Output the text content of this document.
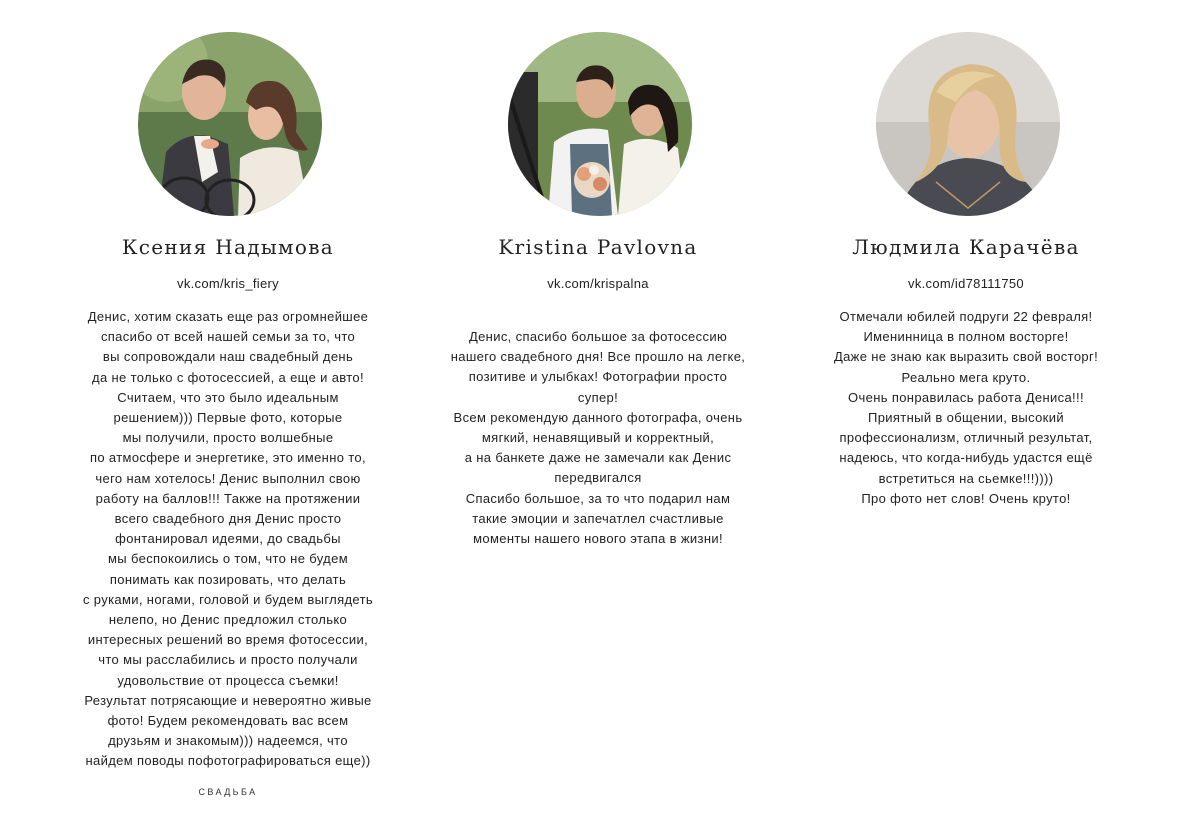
Ксения Надымова
vk.com/kris_fiery
Денис, хотим сказать еще раз огромнейшее
спасибо от всей нашей семьи за то, что
вы сопровождали наш свадебный день
да не только с фотосессией, а еще и авто!
Считаем, что это было идеальным
решением))) Первые фото, которые
мы получили, просто волшебные
по атмосфере и энергетике, это именно то,
чего нам хотелось! Денис выполнил свою
работу на баллов!!! Также на протяжении
всего свадебного дня Денис просто
фонтанировал идеями, до свадьбы
мы беспокоились о том, что не будем
понимать как позировать, что делать
с руками, ногами, головой и будем выглядеть
нелепо, но Денис предложил столько
интересных решений во время фотосессии,
что мы расслабились и просто получали
удовольствие от процесса съемки!
Результат потрясающие и невероятно живые
фото! Будем рекомендовать вас всем
друзьям и знакомым))) надеемся, что
найдем поводы пофотографироваться еще))
СВАДЬБА
Kristina Pavlovna
vk.com/krispalna
Денис, спасибо большое за фотосессию
нашего свадебного дня! Все прошло на легке,
позитиве и улыбках! Фотографии просто
супер!
Всем рекомендую данного фотографа, очень
мягкий, ненавящивый и корректный,
а на банкете даже не замечали как Денис
передвигался
Спасибо большое, за то что подарил нам
такие эмоции и запечатлел счастливые
моменты нашего нового этапа в жизни!
Людмила Карачёва
vk.com/id78111750
Отмечали юбилей подруги 22 февраля!
Именинница в полном восторге!
Даже не знаю как выразить свой восторг!
Реально мега круто.
Очень понравилась работа Дениса!!!
Приятный в общении, высокий
профессионализм, отличный результат,
надеюсь, что когда-нибудь удастся ещё
встретиться на сьемке!!!))))
Про фото нет слов! Очень круто!
